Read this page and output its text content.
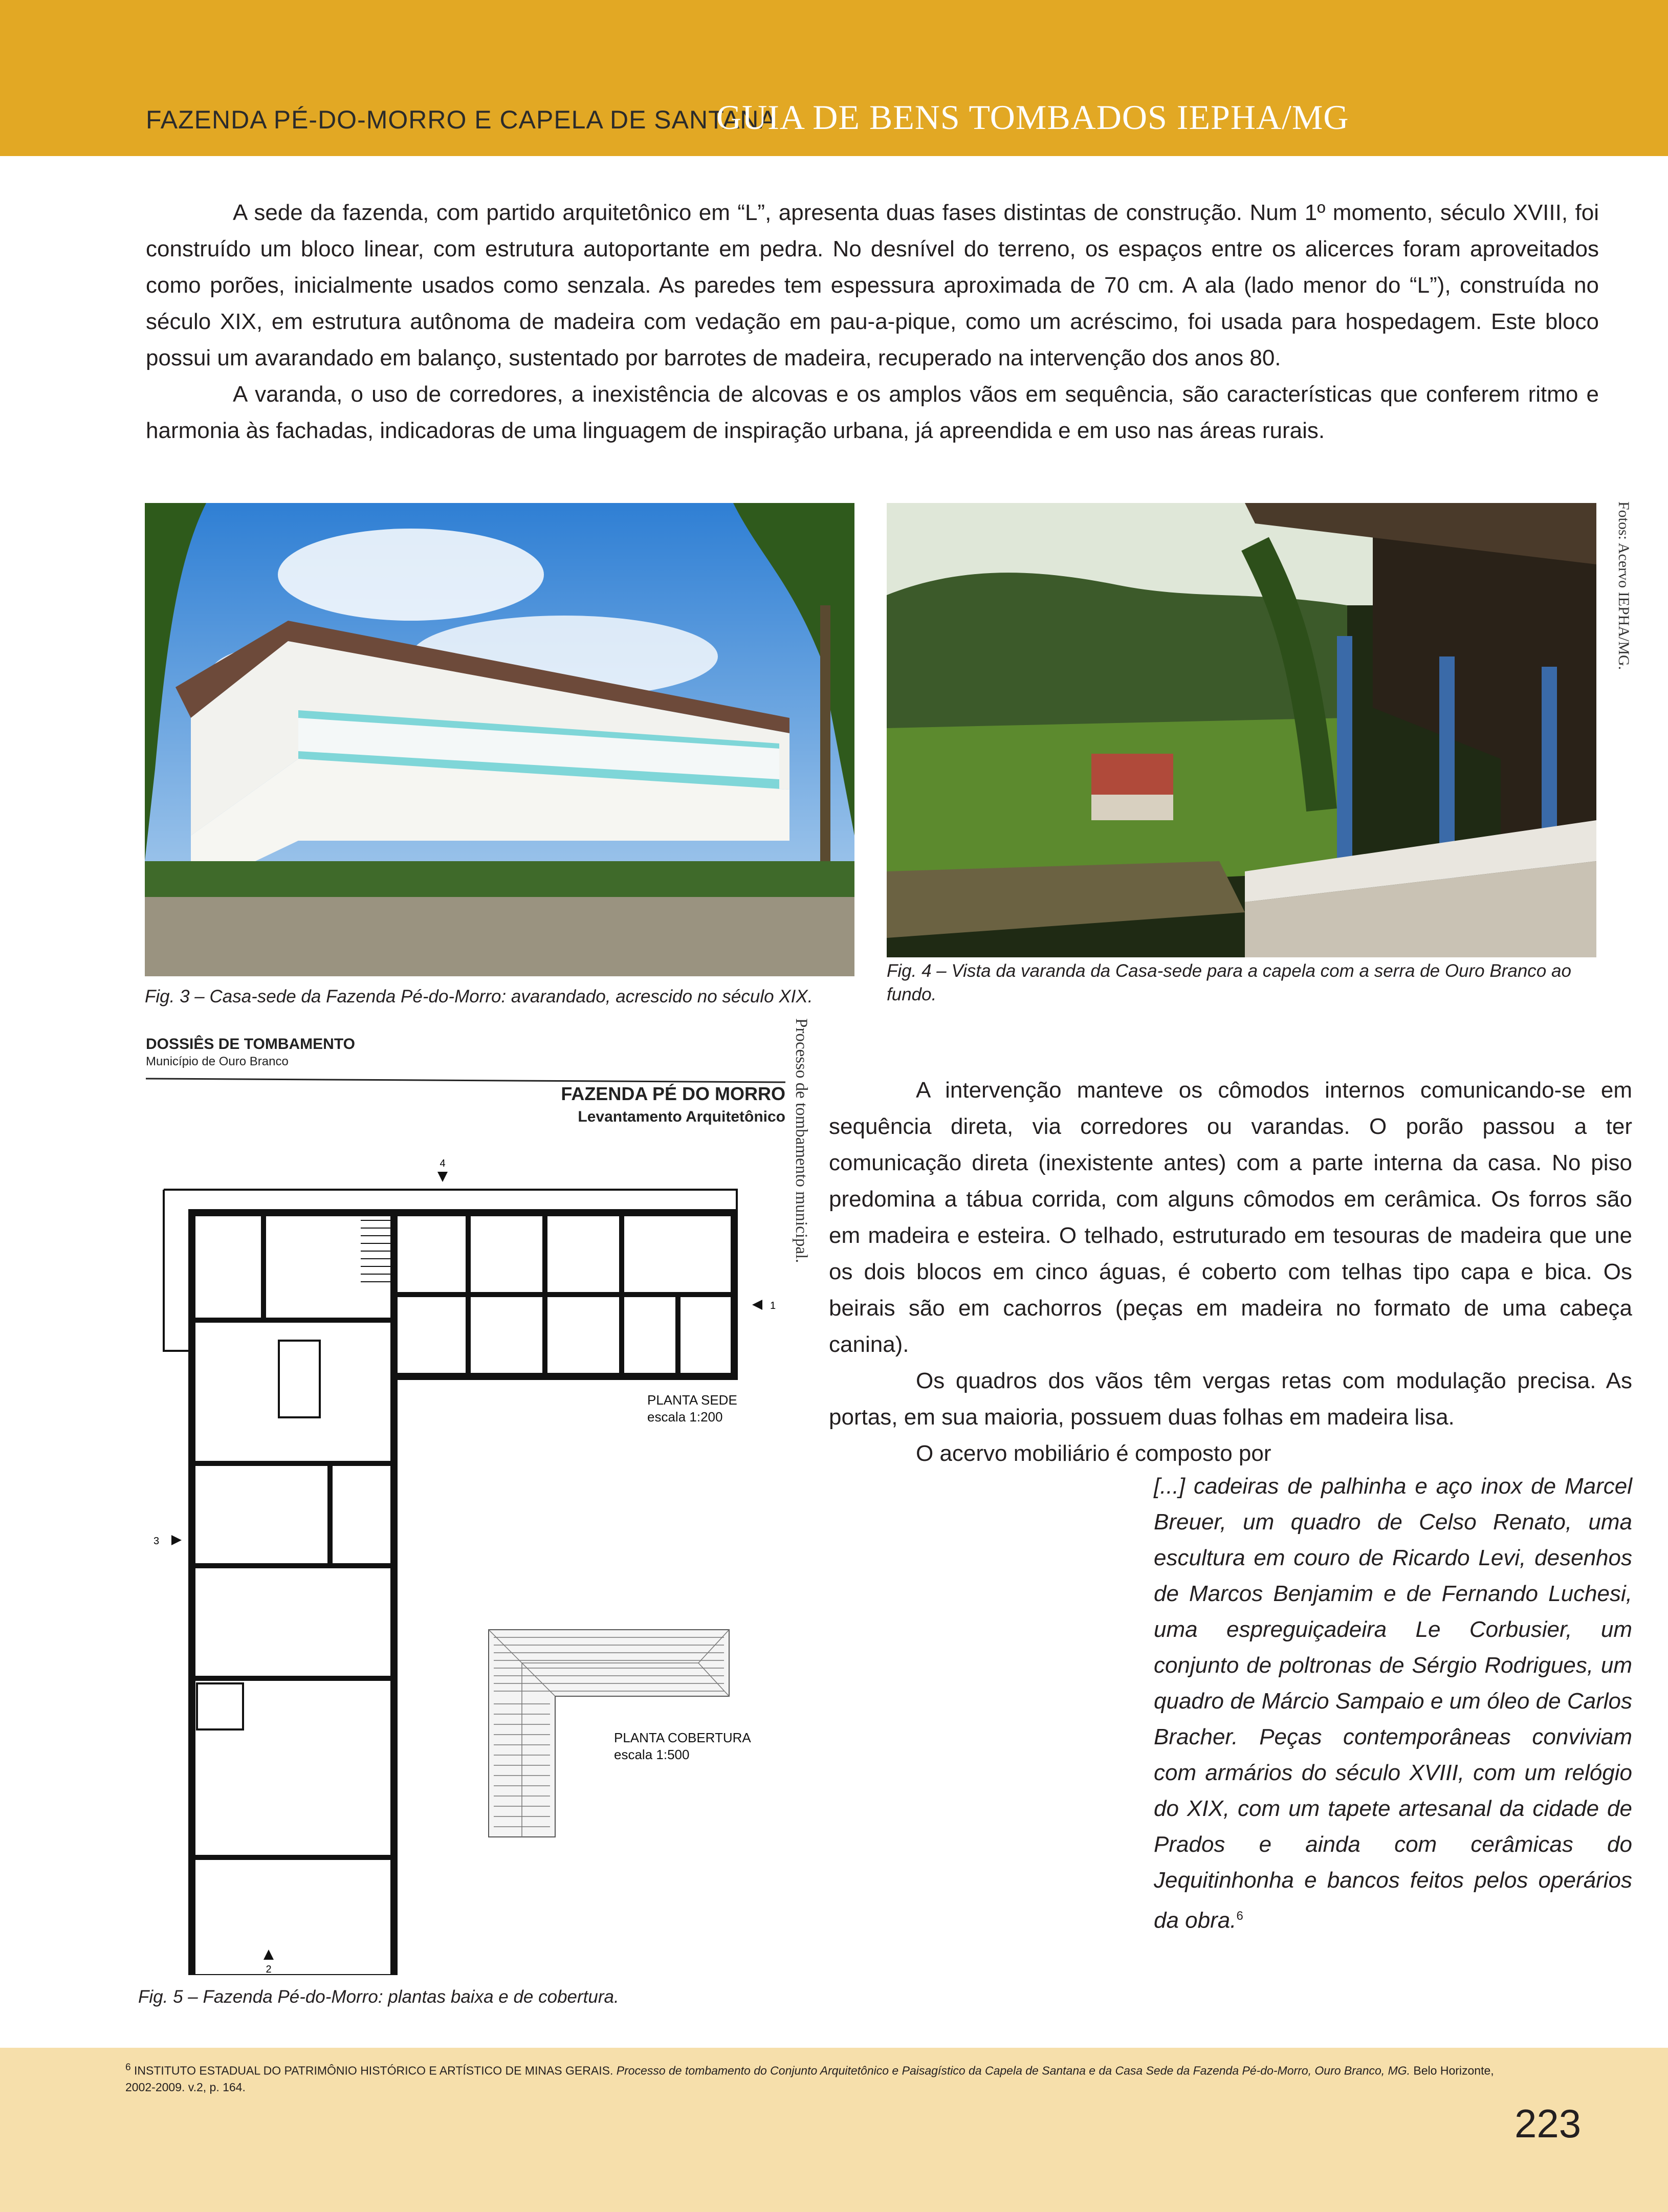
FAZENDA PÉ-DO-MORRO E CAPELA DE SANTANA
GUIA DE BENS TOMBADOS IEPHA/MG

A sede da fazenda, com partido arquitetônico em “L”, apresenta duas fases distintas de construção. Num 1º momento, século XVIII, foi construído um bloco linear, com estrutura autoportante em pedra. No desnível do terreno, os espaços entre os alicerces foram aproveitados como porões, inicialmente usados como senzala. As paredes tem espessura aproximada de 70 cm. A ala (lado menor do “L”), construída no século XIX, em estrutura autônoma de madeira com vedação em pau-a-pique, como um acréscimo, foi usada para hospedagem. Este bloco possui um avarandado em balanço, sustentado por barrotes de madeira, recuperado na intervenção dos anos 80.

A varanda, o uso de corredores, a inexistência de alcovas e os amplos vãos em sequência, são características que conferem ritmo e harmonia às fachadas, indicadoras de uma linguagem de inspiração urbana, já apreendida e em uso nas áreas rurais.

Fig. 3 – Casa-sede da Fazenda Pé-do-Morro: avarandado, acrescido no século XIX.
Fig. 4 – Vista da varanda da Casa-sede para a capela com a serra de Ouro Branco ao fundo.
Fotos: Acervo IEPHA/MG.
DOSSIÊS DE TOMBAMENTO
Município de Ouro Branco
FAZENDA PÉ DO MORRO
Levantamento Arquitetônico
4
1
3
2
PLANTA SEDE
escala 1:200
PLANTA COBERTURA
escala 1:500
Processo de tombamento municipal.
Fig. 5 – Fazenda Pé-do-Morro: plantas baixa e de cobertura.

A intervenção manteve os cômodos internos comunicando-se em sequência direta, via corredores ou varandas. O porão passou a ter comunicação direta (inexistente antes) com a parte interna da casa. No piso predomina a tábua corrida, com alguns cômodos em cerâmica. Os forros são em madeira e esteira. O telhado, estruturado em tesouras de madeira que une os dois blocos em cinco águas, é coberto com telhas tipo capa e bica. Os beirais são em cachorros (peças em madeira no formato de uma cabeça canina).

Os quadros dos vãos têm vergas retas com modulação precisa. As portas, em sua maioria, possuem duas folhas em madeira lisa.

O acervo mobiliário é composto por

[...] cadeiras de palhinha e aço inox de Marcel Breuer, um quadro de Celso Renato, uma escultura em couro de Ricardo Levi, desenhos de Marcos Benjamim e de Fernando Luchesi, uma espreguiçadeira Le Corbusier, um conjunto de poltronas de Sérgio Rodrigues, um quadro de Márcio Sampaio e um óleo de Carlos Bracher. Peças contemporâneas conviviam com armários do século XVIII, com um relógio do XIX, com um tapete artesanal da cidade de Prados e ainda com cerâmicas do Jequitinhonha e bancos feitos pelos operários da obra.$^6$
$^6$ INSTITUTO ESTADUAL DO PATRIMÔNIO HISTÓRICO E ARTÍSTICO DE MINAS GERAIS. Processo de tombamento do Conjunto Arquitetônico e Paisagístico da Capela de Santana e da Casa Sede da Fazenda Pé-do-Morro, Ouro Branco, MG. Belo Horizonte, 2002-2009. v.2, p. 164.
223
